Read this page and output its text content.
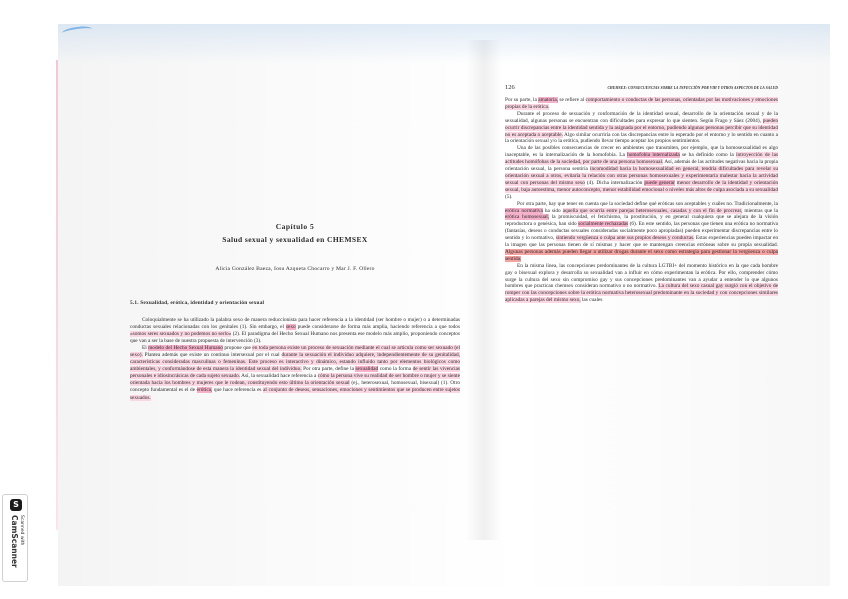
Capítulo 5
Salud sexual y sexualidad en CHEMSEX
Alicia González Baeza, Iosu Azqueta Chocarro y Mar J. F. Ollero
5.1. Sexualidad, erótica, identidad y orientación sexual

Coloquialmente se ha utilizado la palabra sexo de manera reduccionista para hacer referencia a la identidad (ser hombre o mujer) o a determinadas conductas sexuales relacionadas con los genitales (1). Sin embargo, el sexo puede considerarse de forma más amplia, haciendo referencia a que todos «somos seres sexuados y no podemos no serlo» (2). El paradigma del Hecho Sexual Humano nos presenta ese modelo más amplio, proponiendo conceptos que van a ser la base de nuestra propuesta de intervención (3).

El modelo del Hecho Sexual Humano propone que en toda persona existe un proceso de sexuación mediante el cual se articula como ser sexuado (el sexo). Plantea además que existe un continuo intersexual por el cual durante la sexuación el individuo adquiere, independientemente de su genitalidad, características consideradas masculinas o femeninas. Este proceso es interactivo y dinámico, estando influido tanto por elementos biológicos como ambientales, y conformándose de esta manera la identidad sexual del individuo. Por otra parte, define la sexualidad como la forma de sentir las vivencias personales e idiosincrásicas de cada sujeto sexuado. Así, la sexualidad hace referencia a cómo la persona vive su realidad de ser hombre o mujer y se siente orientada hacia los hombres y mujeres que le rodean, constituyendo esto último la orientación sexual (ej., heterosexual, homosexual, bisexual) (1). Otro concepto fundamental es el de erótica, que hace referencia es al conjunto de deseos, sensaciones, emociones y sentimientos que se producen entre sujetos sexuados.

126	CHEMSEX: CONSECUENCIAS SOBRE LA INFECCIÓN POR VIH Y OTROS ASPECTOS DE LA SALUD

Por su parte, la amatoria, se refiere al comportamiento o conductas de las personas, orientadas por las motivaciones y emociones propias de la erótica.

Durante el proceso de sexuación y conformación de la identidad sexual, desarrollo de la orientación sexual y de la sexualidad, algunas personas se encuentran con dificultades para expresar lo que sienten. Según Frago y Sáez (2004), pueden ocurrir discrepancias entre la identidad sentida y la asignada por el entorno, pudiendo algunas personas percibir que su identidad no es aceptada o aceptable. Algo similar ocurriría con las discrepancias entre lo esperado por el entorno y lo sentido en cuanto a la orientación sexual y/o la erótica, pudiendo llevar tiempo aceptar los propios sentimientos.

Una de las posibles consecuencias de crecer en ambientes que transmiten, por ejemplo, que la homosexualidad es algo inaceptable, es la internalización de la homofobia. La homofobia internalizada se ha definido como la introyección de las actitudes homófobas de la sociedad, por parte de una persona homosexual. Así, además de las actitudes negativas hacia la propia orientación sexual, la persona sentiría incomodidad hacia la homosexualidad en general, tendría dificultades para revelar su orientación sexual a otros, evitaría la relación con otras personas homosexuales y experimentaría malestar hacia la actividad sexual con personas del mismo sexo (4). Dicha internalización puede generar menor desarrollo de la identidad y orientación sexual, baja autoestima, menor autoconcepto, menor estabilidad emocional o niveles más altos de culpa asociada a su sexualidad (5).

Por otra parte, hay que tener en cuenta que la sociedad define qué eróticas son aceptables y cuáles no. Tradicionalmente, la erótica normativa ha sido aquella que ocurría entre parejas heterosexuales, casadas y con el fin de procrear, mientras que la erótica homosexual, la promiscuidad, el fetichismo, la prostitución, y en general cualquiera que se alejara de la visión reproductora o genésica, han sido socialmente rechazadas (6). En este sentido, las personas que tienen una erótica no normativa (fantasías, deseos o conductas sexuales consideradas socialmente poco apropiadas) pueden experimentar discrepancias entre lo sentido y lo normativo, sintiendo vergüenza o culpa ante sus propios deseos y conductas. Estas experiencias pueden impactar en la imagen que las personas tienen de sí mismas y hacer que se mantengan creencias erróneas sobre su propia sexualidad. Algunas personas además pueden llegar a utilizar drogas durante el sexo como estrategia para gestionar la vergüenza o culpa sentida.

En la misma línea, las concepciones predominantes de la cultura LGTBI+ del momento histórico en la que cada hombre gay o bisexual explora y desarrolla su sexualidad van a influir en cómo experimentan la erótica. Por ello, comprender cómo surge la cultura del sexo sin compromiso gay y sus concepciones predominantes van a ayudar a entender lo que algunos hombres que practican chemsex consideran normativo o no normativo. La cultura del sexo casual gay surgió con el objetivo de romper con las concepciones sobre la erótica normativa heterosexual predominante en la sociedad y con concepciones similares aplicadas a parejas del mismo sexo, las cuales

S
Scanned with
CamScanner
